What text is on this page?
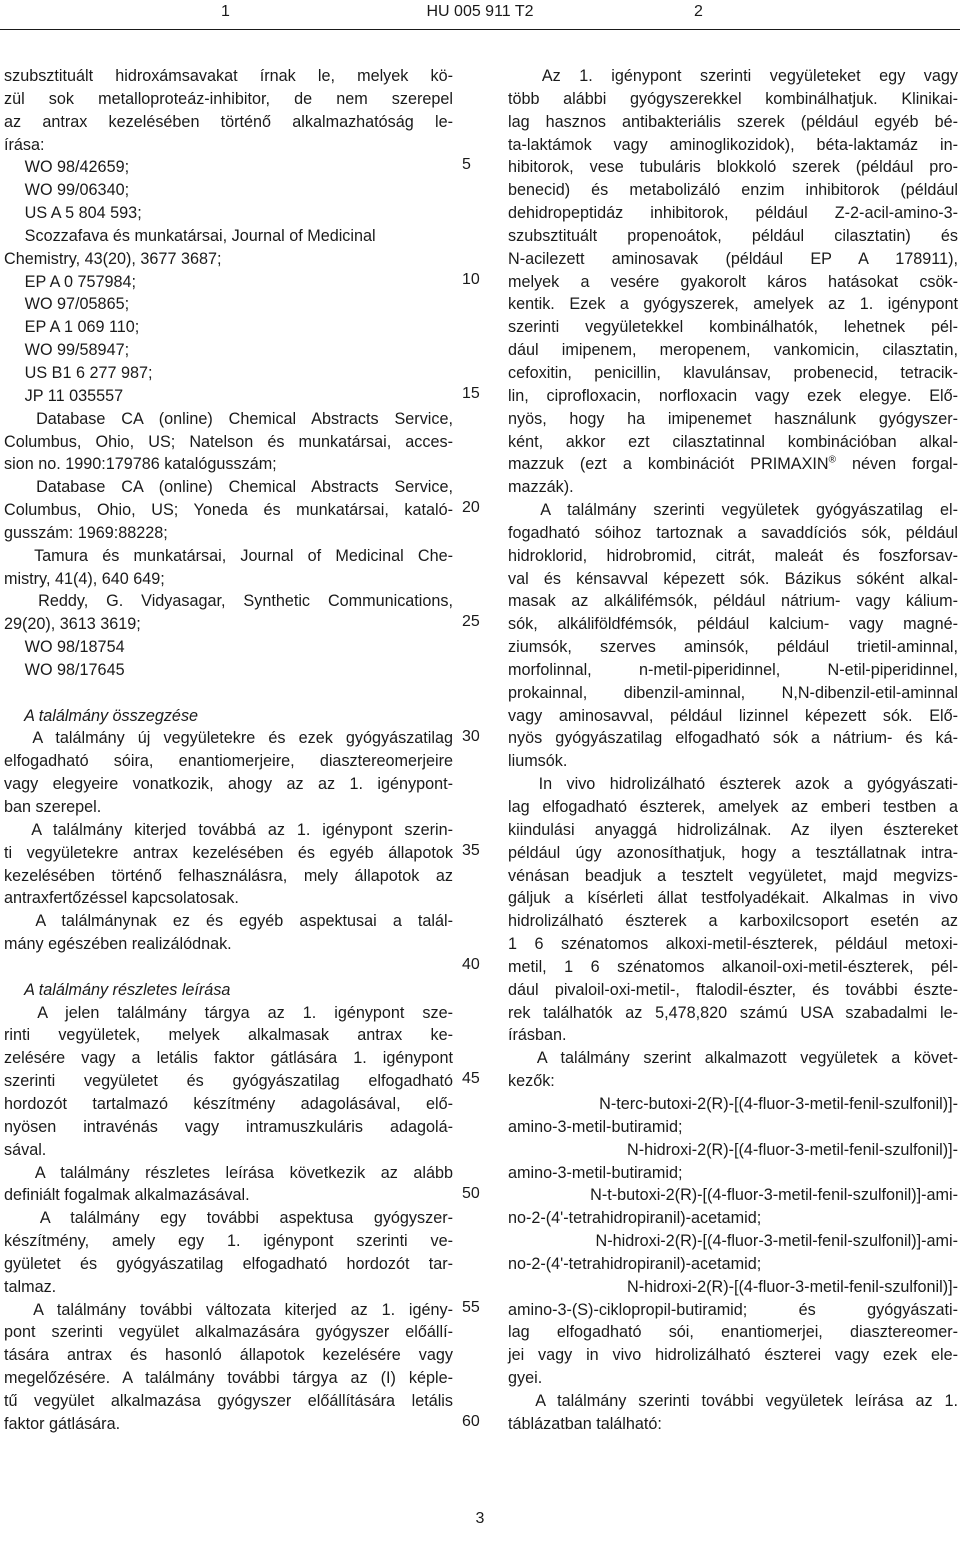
1	HU 005 911 T2	2
szubsztituált hidroxámsavakat írnak le, melyek kö-
zül sok metalloproteáz-inhibitor, de nem szerepel
az antrax kezelésében történő alkalmazhatóság le-
írása:
  WO 98/42659;
  WO 99/06340;
  US A 5 804 593;
  Scozzafava és munkatársai, Journal of Medicinal
Chemistry, 43(20), 3677 3687;
  EP A 0 757984;
  WO 97/05865;
  EP A 1 069 110;
  WO 99/58947;
  US B1 6 277 987;
  JP 11 035557
  Database CA (online) Chemical Abstracts Service,
Columbus, Ohio, US; Natelson és munkatársai, acces-
sion no. 1990:179786 katalógusszám;
  Database CA (online) Chemical Abstracts Service,
Columbus, Ohio, US; Yoneda és munkatársai, kataló-
gusszám: 1969:88228;
  Tamura és munkatársai, Journal of Medicinal Che-
mistry, 41(4), 640 649;
  Reddy, G. Vidyasagar, Synthetic Communications,
29(20), 3613 3619;
  WO 98/18754
  WO 98/17645
  A találmány összegzése
  A találmány új vegyületekre és ezek gyógyászatilag
elfogadható sóira, enantiomerjeire, diasztereomerjeire
vagy elegyeire vonatkozik, ahogy az az 1. igénypont-
ban szerepel.
  A találmány kiterjed továbbá az 1. igénypont szerin-
ti vegyületekre antrax kezelésében és egyéb állapotok
kezelésében történő felhasználásra, mely állapotok az
antraxfertőzéssel kapcsolatosak.
  A találmánynak ez és egyéb aspektusai a talál-
mány egészében realizálódnak.
  A találmány részletes leírása
  A jelen találmány tárgya az 1. igénypont sze-
rinti vegyületek, melyek alkalmasak antrax ke-
zelésére vagy a letális faktor gátlására 1. igénypont
szerinti vegyületet és gyógyászatilag elfogadható
hordozót tartalmazó készítmény adagolásával, elő-
nyösen intravénás vagy intramuszkuláris adagolá-
sával.
  A találmány részletes leírása következik az alább
definiált fogalmak alkalmazásával.
  A találmány egy további aspektusa gyógyszer-
készítmény, amely egy 1. igénypont szerinti ve-
gyületet és gyógyászatilag elfogadható hordozót tar-
talmaz.
  A találmány további változata kiterjed az 1. igény-
pont szerinti vegyület alkalmazására gyógyszer előállí-
tására antrax és hasonló állapotok kezelésére vagy
megelőzésére. A találmány további tárgya az (I) képle-
tű vegyület alkalmazása gyógyszer előállítására letális
faktor gátlására.
  Az 1. igénypont szerinti vegyületeket egy vagy
több alábbi gyógyszerekkel kombinálhatjuk. Klinikai-
lag hasznos antibakteriális szerek (például egyéb bé-
ta-laktámok vagy aminoglikozidok), béta-laktamáz in-
hibitorok, vese tubuláris blokkoló szerek (például pro-
benecid) és metabolizáló enzim inhibitorok (például
dehidropeptidáz inhibitorok, például Z-2-acil-amino-3-
szubsztituált propenoátok, például cilasztatin) és
N-acilezett aminosavak (például EP A 178911),
melyek a vesére gyakorolt káros hatásokat csök-
kentik. Ezek a gyógyszerek, amelyek az 1. igénypont
szerinti vegyületekkel kombinálhatók, lehetnek pél-
dául imipenem, meropenem, vankomicin, cilasztatin,
cefoxitin, penicillin, klavulánsav, probenecid, tetracik-
lin, ciprofloxacin, norfloxacin vagy ezek elegye. Elő-
nyös, hogy ha imipenemet használunk gyógyszer-
ként, akkor ezt cilasztatinnal kombinációban alkal-
mazzuk (ezt a kombinációt PRIMAXIN® néven forgal-
mazzák).
  A találmány szerinti vegyületek gyógyászatilag el-
fogadható sóihoz tartoznak a savaddíciós sók, például
hidroklorid, hidrobromid, citrát, maleát és foszforsav-
val és kénsavval képezett sók. Bázikus sóként alkal-
masak az alkálifémsók, például nátrium- vagy kálium-
sók, alkáliföldfémsók, például kalcium- vagy magné-
ziumsók, szerves aminsók, például trietil-aminnal,
morfolinnal, n-metil-piperidinnel, N-etil-piperidinnel,
prokainnal, dibenzil-aminnal, N,N-dibenzil-etil-aminnal
vagy aminosavval, például lizinnel képezett sók. Elő-
nyös gyógyászatilag elfogadható sók a nátrium- és ká-
liumsók.
  In vivo hidrolizálható észterek azok a gyógyászati-
lag elfogadható észterek, amelyek az emberi testben a
kiindulási anyaggá hidrolizálnak. Az ilyen észtereket
például úgy azonosíthatjuk, hogy a tesztállatnak intra-
vénásan beadjuk a tesztelt vegyületet, majd megvizs-
gáljuk a kísérleti állat testfolyadékait. Alkalmas in vivo
hidrolizálható észterek a karboxilcsoport esetén az
1 6 szénatomos alkoxi-metil-észterek, például metoxi-
metil, 1 6 szénatomos alkanoil-oxi-metil-észterek, pél-
dául pivaloil-oxi-metil-, ftalodil-észter, és további észte-
rek találhatók az 5,478,820 számú USA szabadalmi le-
írásban.
  A találmány szerint alkalmazott vegyületek a követ-
kezők:
  N-terc-butoxi-2(R)-[(4-fluor-3-metil-fenil-szulfonil)]-
amino-3-metil-butiramid;
  N-hidroxi-2(R)-[(4-fluor-3-metil-fenil-szulfonil)]-
amino-3-metil-butiramid;
  N-t-butoxi-2(R)-[(4-fluor-3-metil-fenil-szulfonil)]-ami-
no-2-(4'-tetrahidropiranil)-acetamid;
  N-hidroxi-2(R)-[(4-fluor-3-metil-fenil-szulfonil)]-ami-
no-2-(4'-tetrahidropiranil)-acetamid;
  N-hidroxi-2(R)-[(4-fluor-3-metil-fenil-szulfonil)]-
amino-3-(S)-ciklopropil-butiramid; és gyógyászati-
lag elfogadható sói, enantiomerjei, diasztereomer-
jei vagy in vivo hidrolizálható észterei vagy ezek ele-
gyei.
  A találmány szerinti további vegyületek leírása az 1.
táblázatban található:
5
10
15
20
25
30
35
40
45
50
55
60
3
